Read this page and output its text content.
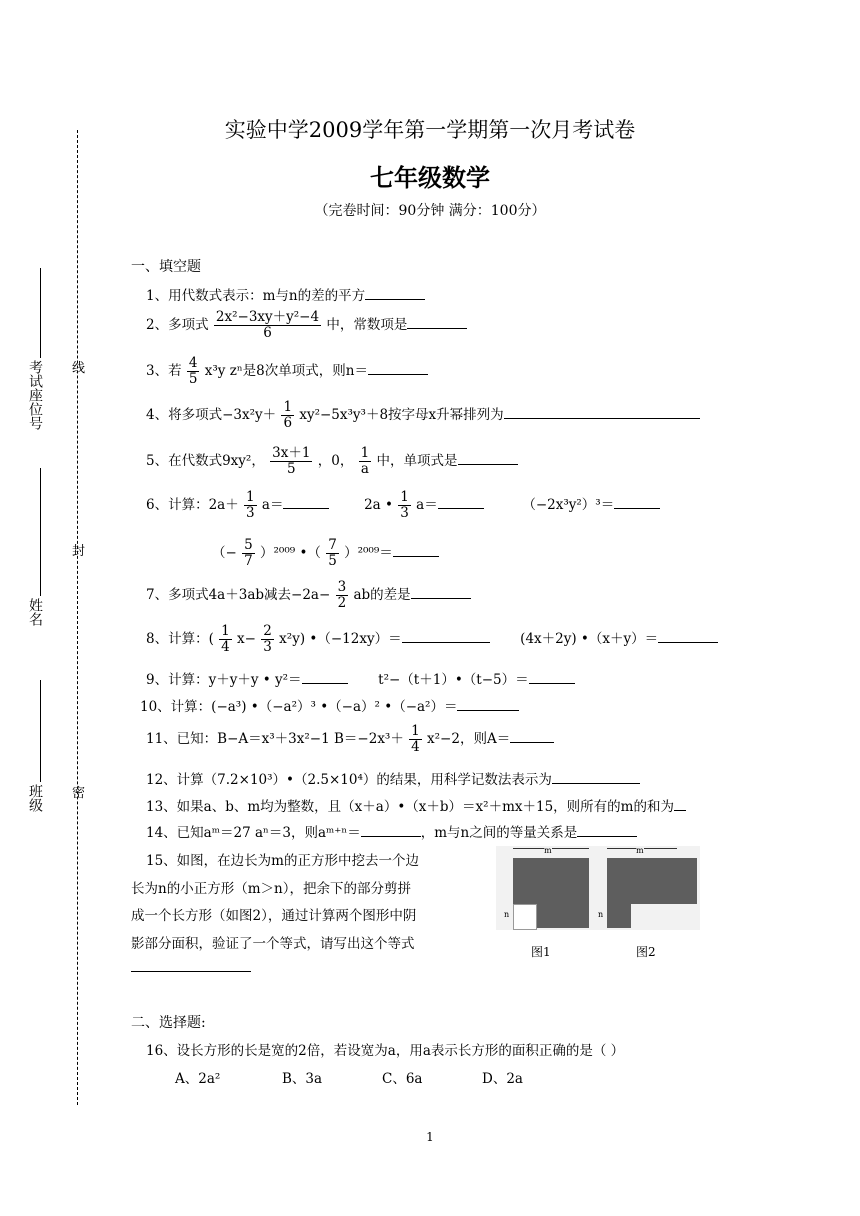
实验中学2009学年第一学期第一次月考试卷
七年级数学
（完卷时间：90分钟 满分：100分）
线
封
密
考试座位号
姓名
班级
一、填空题
1、用代数式表示：m与n的差的平方
2、多项式 $\frac{\text{2x²−3xy＋y²−4}}{6}$ 中，常数项是
3、若 $\frac{4}{5} x^3y$ zⁿ是8次单项式，则n＝
4、将多项式$-3x^2y+ \frac{1}{6} xy^2-5x^3y^3+8$按字母x升幂排列为
5、在代数式9xy²， $\frac{3x+1}{5}$ ，0， $\frac{1}{a}$ 中，单项式是
6、计算：$2a+ \frac{1}{3} a=$	2a • $\frac{1}{3} a=$	（−2x³y²）³＝
（− $\frac{5}{7} )^{2009}$ •（ $\frac{7}{5} )^{2009}=$
7、多项式4a＋3ab减去$-2a- \frac{3}{2}$ ab的差是
8、计算：( $\frac{1}{4} x- \frac{2}{3} x^2y$) •（−12xy）＝	(4x＋2y) •（x＋y）＝
9、计算：y＋y＋y • y²＝	t²−（t＋1）•（t−5）＝
10、计算：(−a³) •（−a²）³ •（−a）² •（−a²）＝
11、已知：B−A＝x³＋3x²−1 $B=-2x^3+ \frac{1}{4} x^2-2$，则A＝
12、计算（7.2×10³）•（2.5×10⁴）的结果，用科学记数法表示为
13、如果a、b、m均为整数，且（x＋a）•（x＋b）＝x²＋mx＋15，则所有的m的和为
14、已知aᵐ＝27 aⁿ＝3，则aᵐ⁺ⁿ＝	，m与n之间的等量关系是
15、如图，在边长为m的正方形中挖去一个边
长为n的小正方形（m＞n），把余下的部分剪拼
成一个长方形（如图2），通过计算两个图形中阴
影部分面积，验证了一个等式，请写出这个等式
m
n
m
n
图1	图2
二、选择题:
16、设长方形的长是宽的2倍，若设宽为a，用a表示长方形的面积正确的是（ ）
A、2a²	B、3a	C、6a	D、2a
1
